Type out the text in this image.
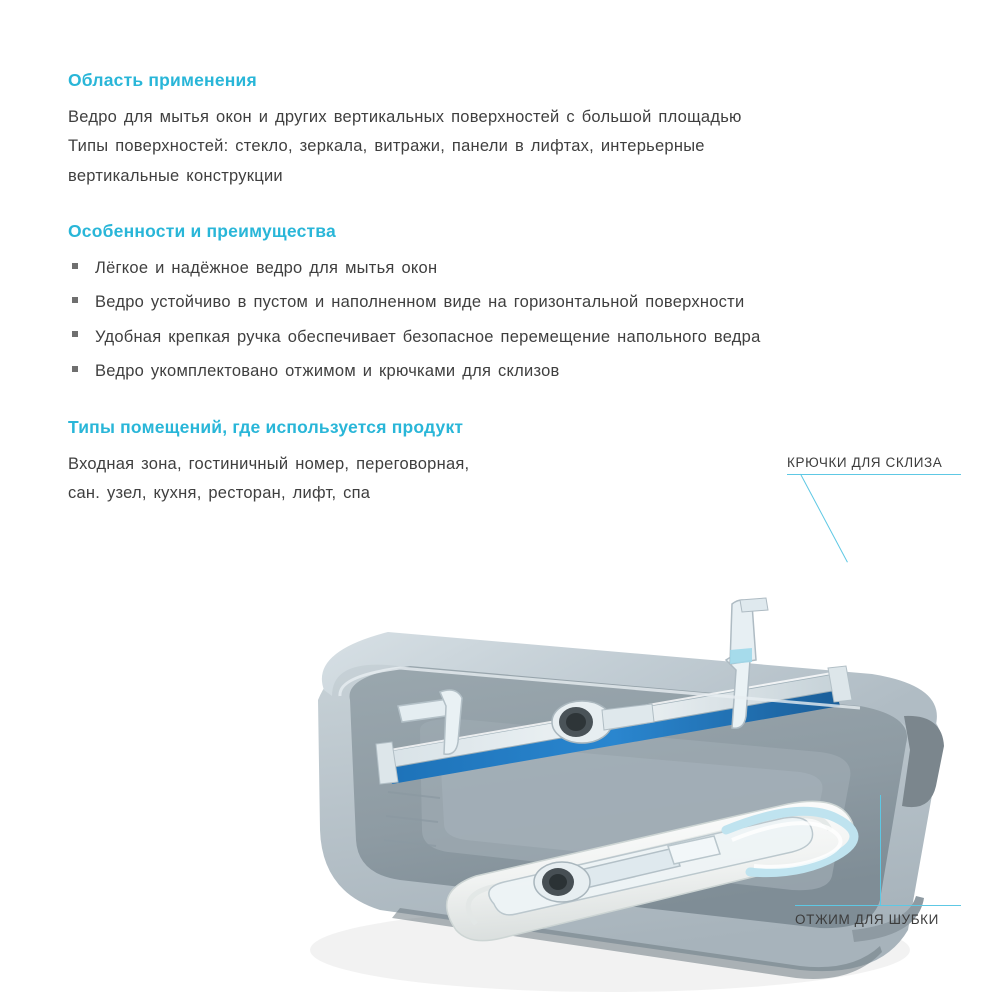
Область применения
Ведро для мытья окон и других вертикальных поверхностей с большой площадью
Типы поверхностей: стекло, зеркала, витражи, панели в лифтах, интерьерные
вертикальные конструкции
Особенности и преимущества
Лёгкое и надёжное ведро для мытья окон
Ведро устойчиво в пустом и наполненном виде на горизонтальной поверхности
Удобная крепкая ручка обеспечивает безопасное перемещение напольного ведра
Ведро укомплектовано отжимом и крючками для склизов
Типы помещений, где используется продукт
Входная зона, гостиничный номер, переговорная,
сан. узел, кухня, ресторан, лифт, спа
КРЮЧКИ ДЛЯ СКЛИЗА
ОТЖИМ ДЛЯ ШУБКИ
